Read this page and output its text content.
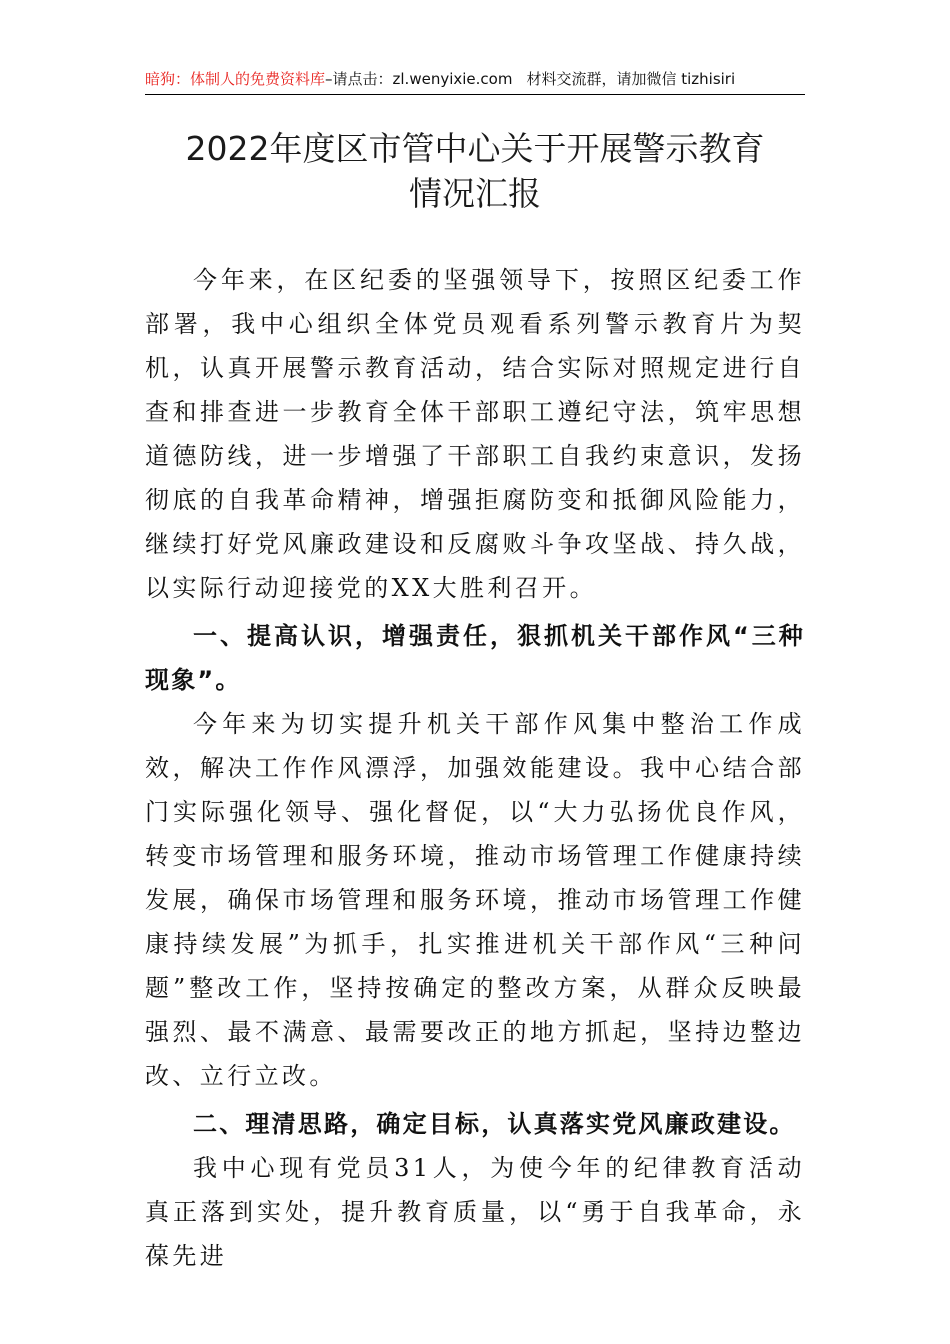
暗狗：体制人的免费资料库–请点击：zl.wenyixie.com 材料交流群，请加微信 tizhisiri
2022年度区市管中心关于开展警示教育
情况汇报

今年来，在区纪委的坚强领导下，按照区纪委工作部署，我中心组织全体党员观看系列警示教育片为契机，认真开展警示教育活动，结合实际对照规定进行自查和排查进一步教育全体干部职工遵纪守法，筑牢思想道德防线，进一步增强了干部职工自我约束意识，发扬彻底的自我革命精神，增强拒腐防变和抵御风险能力，继续打好党风廉政建设和反腐败斗争攻坚战、持久战，以实际行动迎接党的XX大胜利召开。

一、提高认识，增强责任，狠抓机关干部作风“三种现象”。

今年来为切实提升机关干部作风集中整治工作成效，解决工作作风漂浮，加强效能建设。我中心结合部门实际强化领导、强化督促，以“大力弘扬优良作风，转变市场管理和服务环境，推动市场管理工作健康持续发展，确保市场管理和服务环境，推动市场管理工作健康持续发展”为抓手，扎实推进机关干部作风“三种问题”整改工作，坚持按确定的整改方案，从群众反映最强烈、最不满意、最需要改正的地方抓起，坚持边整边改、立行立改。

二、理清思路，确定目标，认真落实党风廉政建设。

我中心现有党员31人，为使今年的纪律教育活动真正落到实处，提升教育质量，以“勇于自我革命，永葆先进
